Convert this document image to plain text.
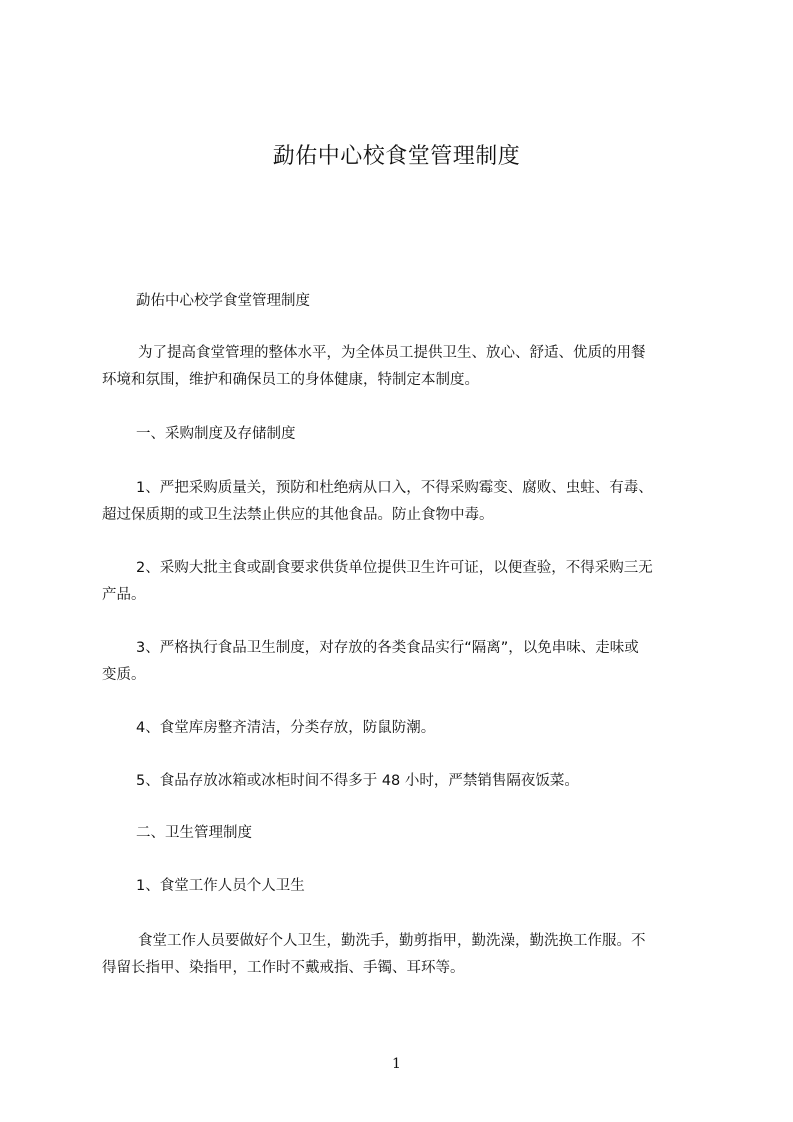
勐佑中心校食堂管理制度
勐佑中心校学食堂管理制度
为了提高食堂管理的整体水平，为全体员工提供卫生、放心、舒适、优质的用餐
环境和氛围，维护和确保员工的身体健康，特制定本制度。
一、采购制度及存储制度
1、严把采购质量关，预防和杜绝病从口入，不得采购霉变、腐败、虫蛀、有毒、
超过保质期的或卫生法禁止供应的其他食品。防止食物中毒。
2、采购大批主食或副食要求供货单位提供卫生许可证，以便查验，不得采购三无
产品。
3、严格执行食品卫生制度，对存放的各类食品实行“隔离”，以免串味、走味或
变质。
4、食堂库房整齐清洁，分类存放，防鼠防潮。
5、食品存放冰箱或冰柜时间不得多于 48 小时，严禁销售隔夜饭菜。
二、卫生管理制度
1、食堂工作人员个人卫生
食堂工作人员要做好个人卫生，勤洗手，勤剪指甲，勤洗澡，勤洗换工作服。不
得留长指甲、染指甲，工作时不戴戒指、手镯、耳环等。
1
